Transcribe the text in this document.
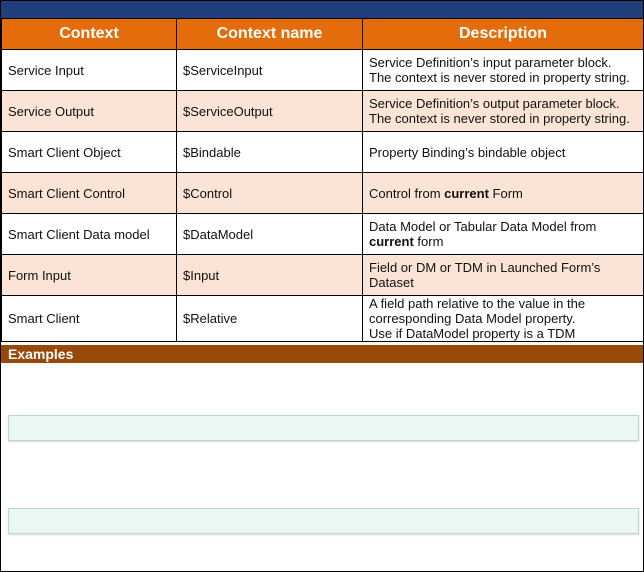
Context	Context name	Description
Service Input	$ServiceInput	Service Definition’s input parameter block.
The context is never stored in property string.
Service Output	$ServiceOutput	Service Definition’s output parameter block.
The context is never stored in property string.
Smart Client Object	$Bindable	Property Binding’s bindable object
Smart Client Control	$Control	Control from current Form
Smart Client Data model	$DataModel	Data Model or Tabular Data Model from
current form
Form Input	$Input	Field or DM or TDM in Launched Form’s
Dataset
Smart Client	$Relative	A field path relative to the value in the
corresponding Data Model property.
Use if DataModel property is a TDM
Examples
